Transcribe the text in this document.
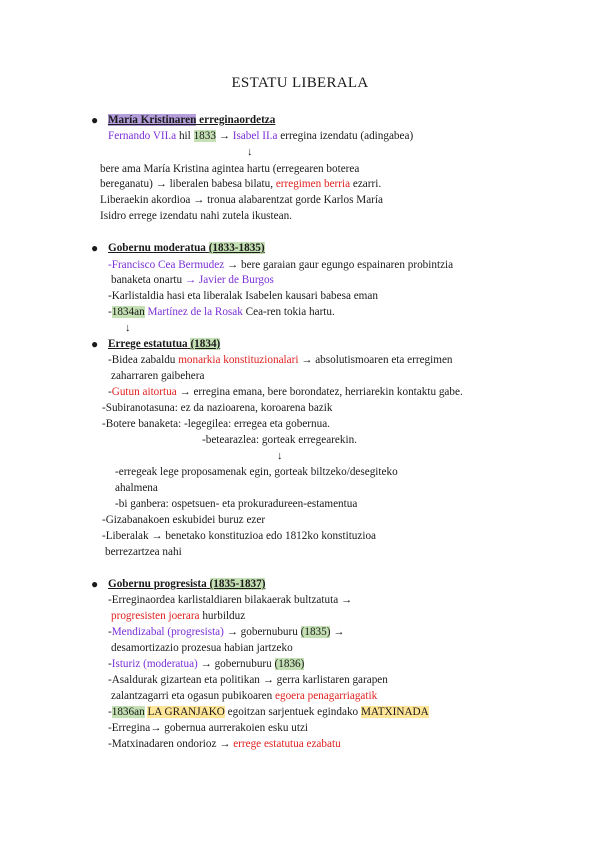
ESTATU LIBERALA
● María Kristinaren erreginaordetza
Fernando VII.a hil 1833 → Isabel II.a erregina izendatu (adingabea)
↓
bere ama María Kristina agintea hartu (erregearen boterea
bereganatu) → liberalen babesa bilatu, erregimen berria ezarri.
Liberaekin akordioa → tronua alabarentzat gorde Karlos María
Isidro errege izendatu nahi zutela ikustean.
● Gobernu moderatua (1833-1835)
-Francisco Cea Bermudez → bere garaian gaur egungo espainaren probintzia
banaketa onartu → Javier de Burgos
-Karlistaldia hasi eta liberalak Isabelen kausari babesa eman
-1834an Martínez de la Rosak Cea-ren tokia hartu.
↓
● Errege estatutua (1834)
-Bidea zabaldu monarkia konstituzionalari → absolutismoaren eta erregimen
zaharraren gaibehera
-Gutun aitortua → erregina emana, bere borondatez, herriarekin kontaktu gabe.
-Subiranotasuna: ez da nazioarena, koroarena bazik
-Botere banaketa: -legegilea: erregea eta gobernua.
-betearazlea: gorteak erregearekin.
↓
-erregeak lege proposamenak egin, gorteak biltzeko/desegiteko
ahalmena
-bi ganbera: ospetsuen- eta prokuradureen-estamentua
-Gizabanakoen eskubidei buruz ezer
-Liberalak → benetako konstituzioa edo 1812ko konstituzioa
berrezartzea nahi
● Gobernu progresista (1835-1837)
-Erreginaordea karlistaldiaren bilakaerak bultzatuta →
progresisten joerara hurbilduz
-Mendizabal (progresista) → gobernuburu (1835) →
desamortizazio prozesua habian jartzeko
-Isturiz (moderatua) → gobernuburu (1836)
-Asaldurak gizartean eta politikan → gerra karlistaren garapen
zalantzagarri eta ogasun pubikoaren egoera penagarriagatik
-1836an LA GRANJAKO egoitzan sarjentuek egindako MATXINADA
-Erregina→ gobernua aurrerakoien esku utzi
-Matxinadaren ondorioz → errege estatutua ezabatu
